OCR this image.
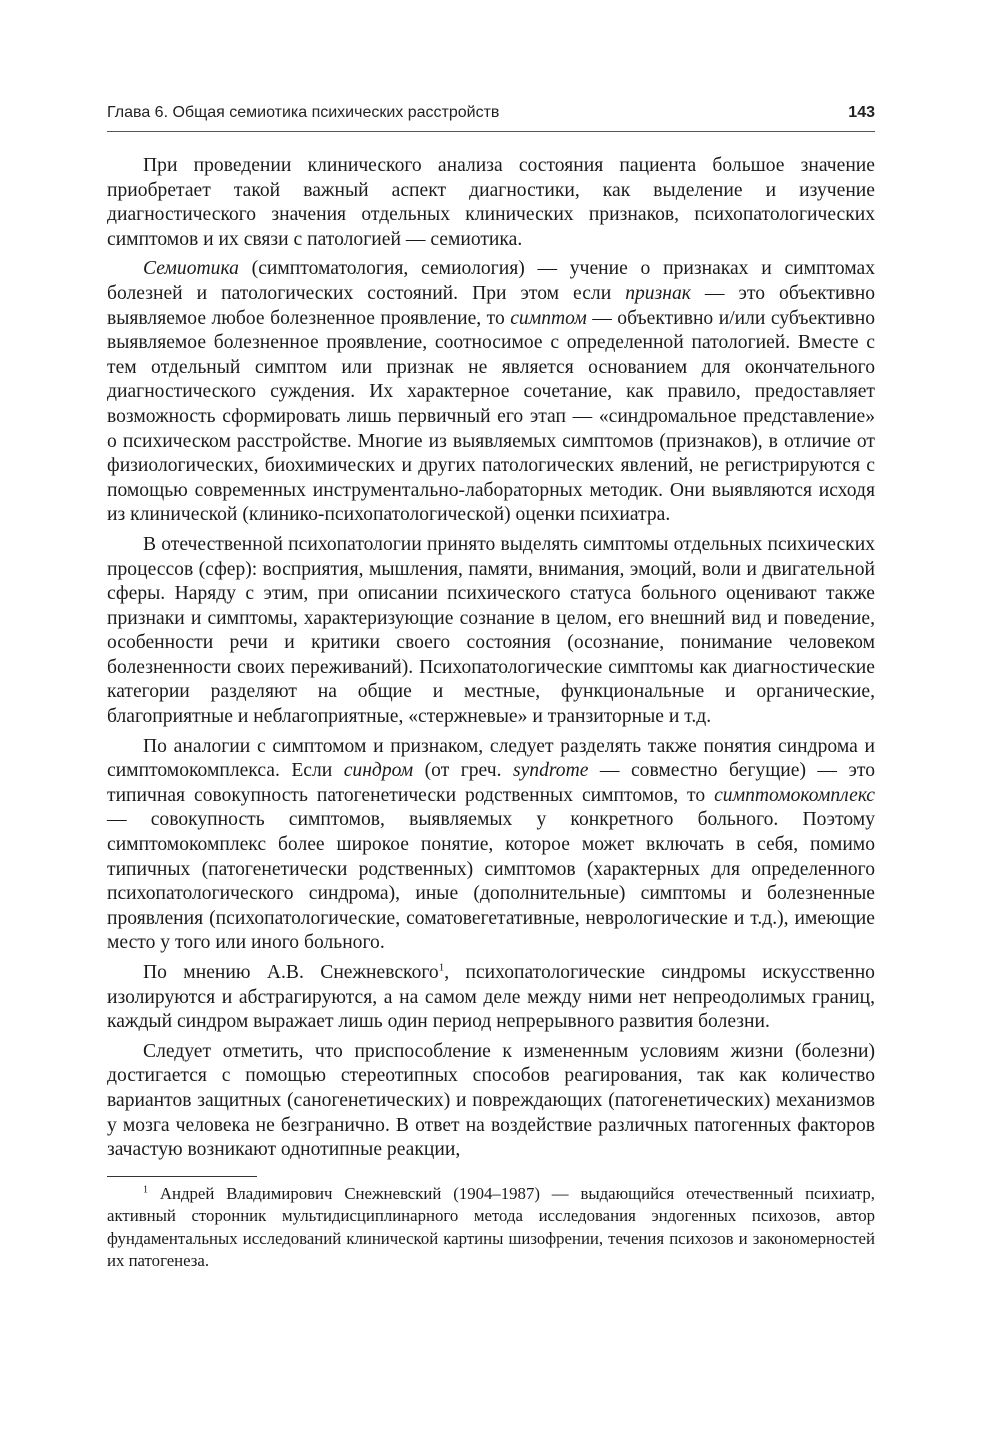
Глава 6. Общая семиотика психических расстройств	143

При проведении клинического анализа состояния пациента большое значение приобретает такой важный аспект диагностики, как выделение и изучение диагностического значения отдельных клинических признаков, психопатологических симптомов и их связи с патологией — семиотика.

Семиотика (симптоматология, семиология) — учение о признаках и симптомах болезней и патологических состояний. При этом если признак — это объективно выявляемое любое болезненное проявление, то симптом — объективно и/или субъективно выявляемое болезненное проявление, соотносимое с определенной патологией. Вместе с тем отдельный симптом или признак не является основанием для окончательного диагностического суждения. Их характерное сочетание, как правило, предоставляет возможность сформировать лишь первичный его этап — «синдромальное представление» о психическом расстройстве. Многие из выявляемых симптомов (признаков), в отличие от физиологических, биохимических и других патологических явлений, не регистрируются с помощью современных инструментально-лабораторных методик. Они выявляются исходя из клинической (клинико-психопатологической) оценки психиатра.

В отечественной психопатологии принято выделять симптомы отдельных психических процессов (сфер): восприятия, мышления, памяти, внимания, эмоций, воли и двигательной сферы. Наряду с этим, при описании психического статуса больного оценивают также признаки и симптомы, характеризующие сознание в целом, его внешний вид и поведение, особенности речи и критики своего состояния (осознание, понимание человеком болезненности своих переживаний). Психопатологические симптомы как диагностические категории разделяют на общие и местные, функциональные и органические, благоприятные и неблагоприятные, «стержневые» и транзиторные и т.д.

По аналогии с симптомом и признаком, следует разделять также понятия синдрома и симптомокомплекса. Если синдром (от греч. syndrome — совместно бегущие) — это типичная совокупность патогенетически родственных симптомов, то симптомокомплекс — совокупность симптомов, выявляемых у конкретного больного. Поэтому симптомокомплекс более широкое понятие, которое может включать в себя, помимо типичных (патогенетически родственных) симптомов (характерных для определенного психопатологического синдрома), иные (дополнительные) симптомы и болезненные проявления (психопатологические, соматовегетативные, неврологические и т.д.), имеющие место у того или иного больного.

По мнению А.В. Снежневского$^1$, психопатологические синдромы искусственно изолируются и абстрагируются, а на самом деле между ними нет непреодолимых границ, каждый синдром выражает лишь один период непрерывного развития болезни.

Следует отметить, что приспособление к измененным условиям жизни (болезни) достигается с помощью стереотипных способов реагирования, так как количество вариантов защитных (саногенетических) и повреждающих (патогенетических) механизмов у мозга человека не безгранично. В ответ на воздействие различных патогенных факторов зачастую возникают однотипные реакции,

$^1$ Андрей Владимирович Снежневский (1904–1987) — выдающийся отечественный психиатр, активный сторонник мультидисциплинарного метода исследования эндогенных психозов, автор фундаментальных исследований клинической картины шизофрении, течения психозов и закономерностей их патогенеза.
